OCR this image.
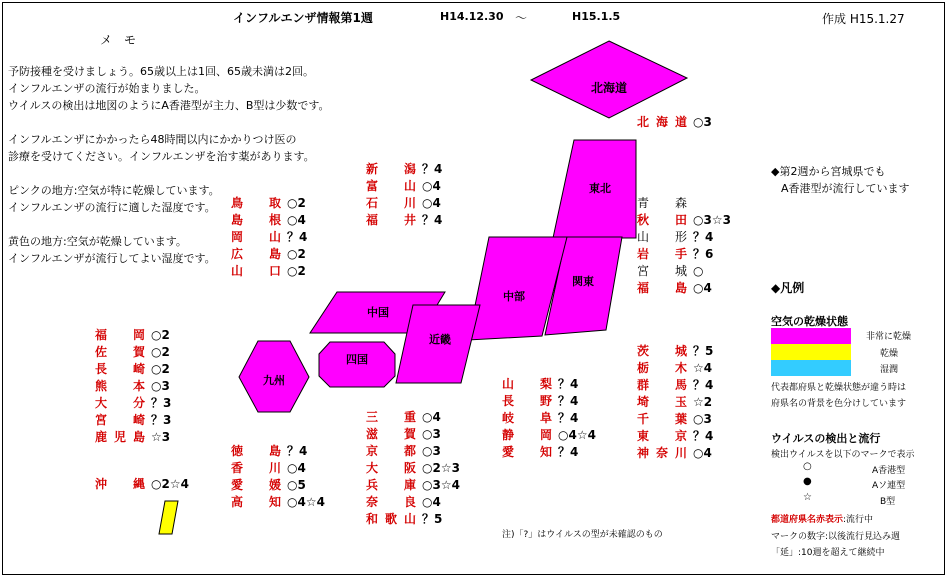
インフルエンザ情報第1週	H14.12.30 〜	H15.1.5	作成 H15.1.27
メ　モ
予防接種を受けましょう。65歳以上は1回、65歳未満は2回。
インフルエンザの流行が始まりました。
ウイルスの検出は地図のようにA香港型が主力、B型は少数です。
インフルエンザにかかったら48時間以内にかかりつけ医の
診療を受けてください。インフルエンザを治す薬があります。
ピンクの地方:空気が特に乾燥しています。
インフルエンザの流行に適した湿度です。
黄色の地方:空気が乾燥しています。
インフルエンザが流行してよい湿度です。
北海道
東北
関東
中部
中国
近畿
四国
九州
北海道 ○3
青　森
秋　田 ○3☆3
山　形 ？4
岩　手 ？6
宮　城 ○
福　島 ○4
茨　城 ？5
栃　木 ☆4
群　馬 ？4
埼　玉 ☆2
千　葉 ○3
東　京 ？4
神奈川 ○4
新　潟 ？4
富　山 ○4
石　川 ○4
福　井 ？4
鳥　取 ○2
島　根 ○4
岡　山 ？4
広　島 ○2
山　口 ○2
山　梨 ？4
長　野 ？4
岐　阜 ？4
静　岡 ○4☆4
愛　知 ？4
三　重 ○4
滋　賀 ○3
京　都 ○3
大　阪 ○2☆3
兵　庫 ○3☆4
奈　良 ○4
和歌山 ？5
徳　島 ？4
香　川 ○4
愛　媛 ○5
高　知 ○4☆4
福　岡 ○2
佐　賀 ○2
長　崎 ○2
熊　本 ○3
大　分 ？3
宮　崎 ？3
鹿児島 ☆3
沖　縄 ○2☆4
◆第2週から宮城県でも
A香港型が流行しています
◆凡例
空気の乾燥状態
非常に乾燥
乾燥
湿潤
代表都府県と乾燥状態が違う時は
府県名の背景を色分けしています
ウイルスの検出と流行
検出ウイルスを以下のマークで表示
○	A香港型
●	Aソ連型
☆	B型
都道府県名赤表示:流行中
マークの数字:以後流行見込み週
「延」:10週を超えて継続中
注)「?」はウイルスの型が未確認のもの
